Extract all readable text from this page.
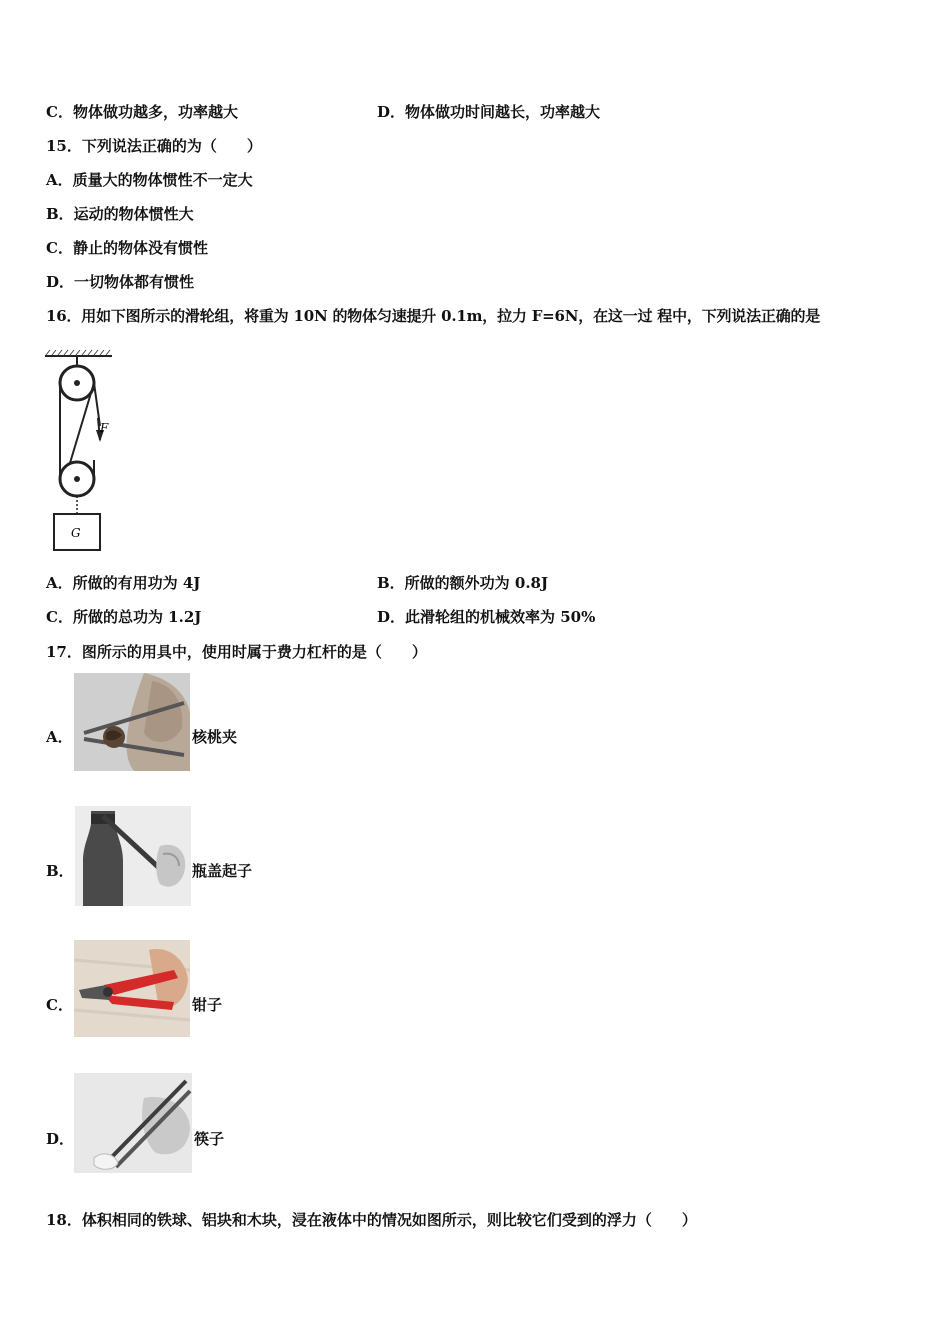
C．物体做功越多，功率越大	D．物体做功时间越长，功率越大
15．下列说法正确的为（　　）
A．质量大的物体惯性不一定大
B．运动的物体惯性大
C．静止的物体没有惯性
D．一切物体都有惯性
16．用如下图所示的滑轮组，将重为 10N 的物体匀速提升 0.1m，拉力 F=6N，在这一过 程中，下列说法正确的是
F
G
A．所做的有用功为 4J	B．所做的额外功为 0.8J
C．所做的总功为 1.2J	D．此滑轮组的机械效率为 50%
17．图所示的用具中，使用时属于费力杠杆的是（　　）
A．	核桃夹
B．	瓶盖起子
C．	钳子
D．	筷子
18．体积相同的铁球、铝块和木块，浸在液体中的情况如图所示，则比较它们受到的浮力（　　）
